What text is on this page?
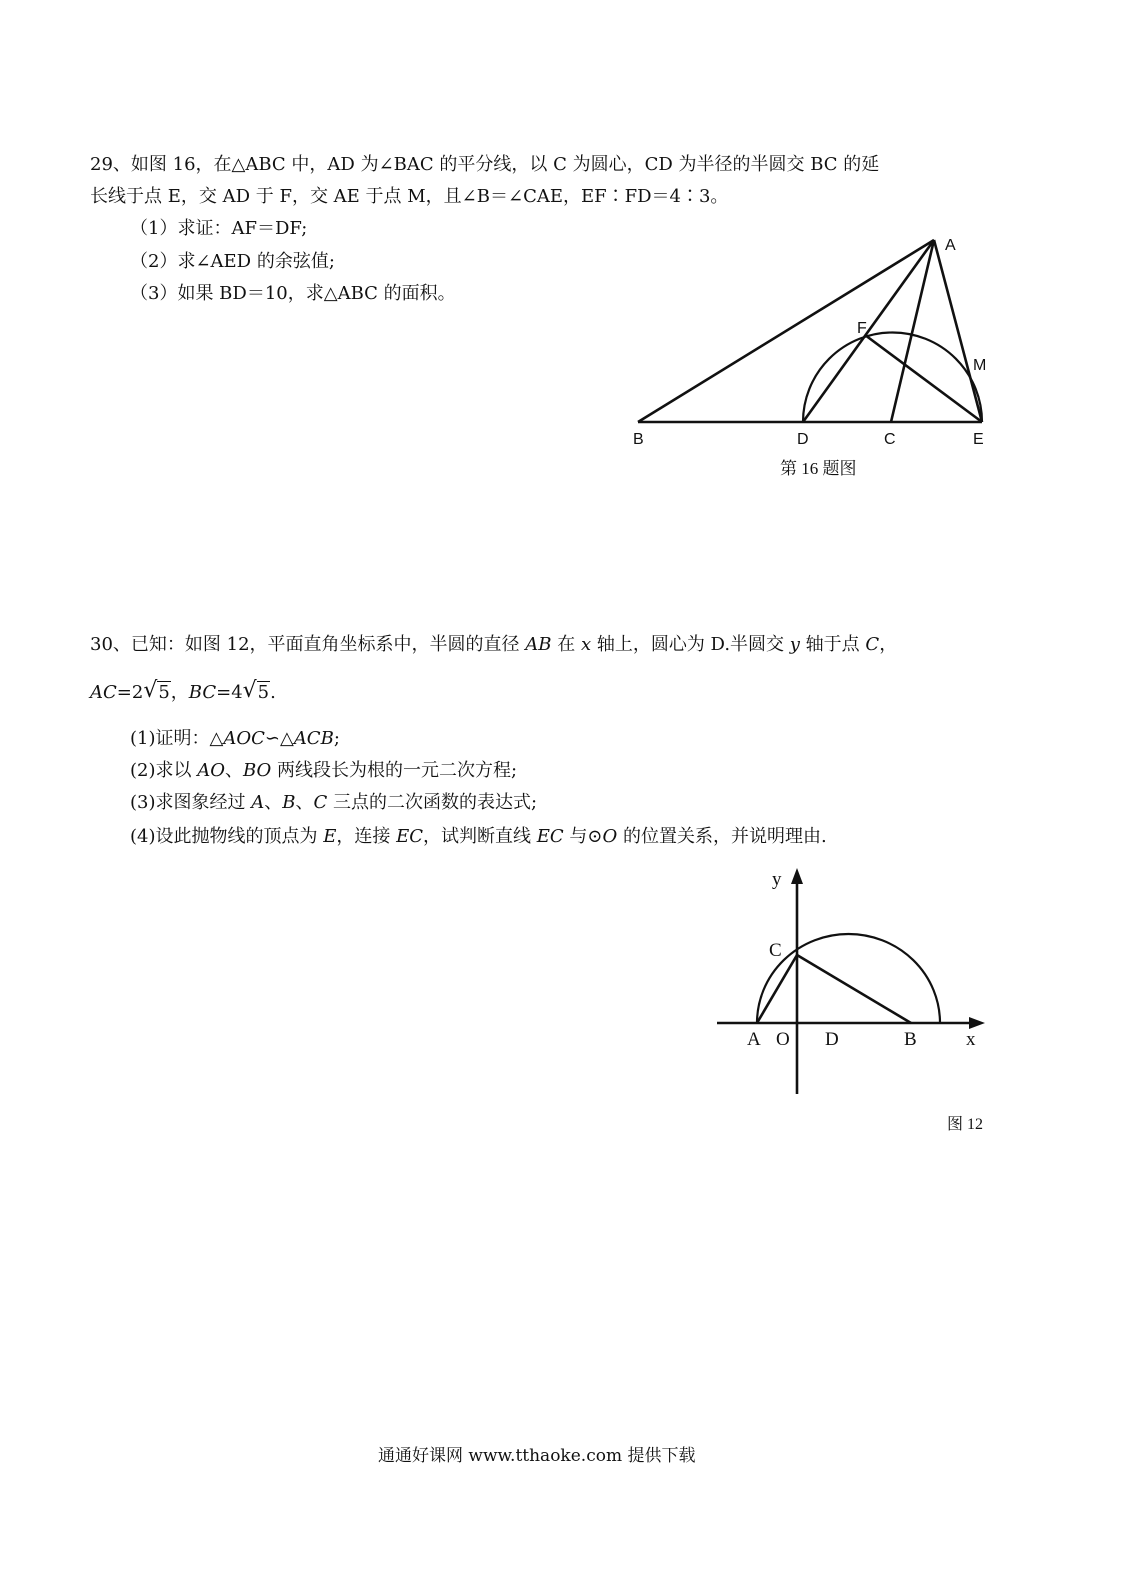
29、如图 16，在△ABC 中，AD 为∠BAC 的平分线，以 C 为圆心，CD 为半径的半圆交 BC 的延
长线于点 E，交 AD 于 F，交 AE 于点 M，且∠B＝∠CAE，EF∶FD＝4∶3。
（1）求证：AF＝DF;
（2）求∠AED 的余弦值;
（3）如果 BD＝10，求△ABC 的面积。
A
F
M
B	D	C	E
第 16 题图
30、已知：如图 12，平面直角坐标系中，半圆的直径 AB 在 x 轴上，圆心为 D.半圆交 y 轴于点 C，
AC=2 √ 5，BC=4 √ 5.
(1)证明：△AOC∽△ACB;
(2)求以 AO、BO 两线段长为根的一元二次方程;
(3)求图象经过 A、B、C 三点的二次函数的表达式;
(4)设此抛物线的顶点为 E，连接 EC，试判断直线 EC 与⊙O 的位置关系，并说明理由.
y
C
A O D	B	x
图 12
通通好课网 www.tthaoke.com 提供下载
